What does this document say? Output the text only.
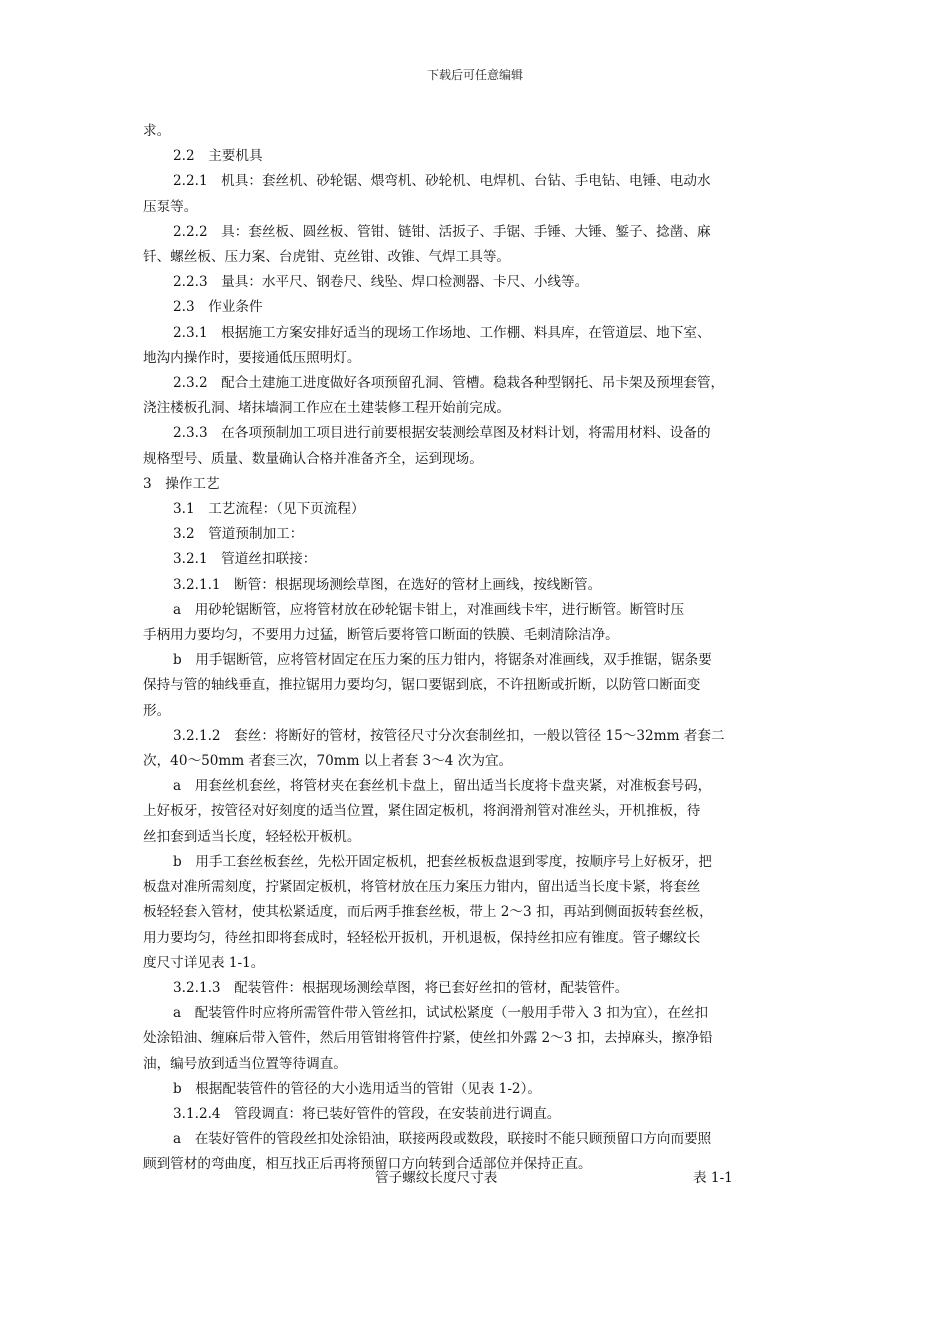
下载后可任意编辑

求。

2.2　主要机具

2.2.1　机具：套丝机、砂轮锯、煨弯机、砂轮机、电焊机、台钻、手电钻、电锤、电动水

压泵等。

2.2.2　具：套丝板、圆丝板、管钳、链钳、活扳子、手锯、手锤、大锤、錾子、捻凿、麻

钎、螺丝板、压力案、台虎钳、克丝钳、改锥、气焊工具等。

2.2.3　量具：水平尺、钢卷尺、线坠、焊口检测器、卡尺、小线等。

2.3　作业条件

2.3.1　根据施工方案安排好适当的现场工作场地、工作棚、料具库，在管道层、地下室、

地沟内操作时，要接通低压照明灯。

2.3.2　配合土建施工进度做好各项预留孔洞、管槽。稳栽各种型钢托、吊卡架及预埋套管，

浇注楼板孔洞、堵抹墙洞工作应在土建装修工程开始前完成。

2.3.3　在各项预制加工项目进行前要根据安装测绘草图及材料计划，将需用材料、设备的

规格型号、质量、数量确认合格并准备齐全，运到现场。

3　操作工艺

3.1　工艺流程：（见下页流程）

3.2　管道预制加工：

3.2.1　管道丝扣联接：

3.2.1.1　断管：根据现场测绘草图，在选好的管材上画线，按线断管。

a　用砂轮锯断管，应将管材放在砂轮锯卡钳上，对准画线卡牢，进行断管。断管时压

手柄用力要均匀，不要用力过猛，断管后要将管口断面的铁膜、毛刺清除洁净。

b　用手锯断管，应将管材固定在压力案的压力钳内，将锯条对准画线，双手推锯，锯条要

保持与管的轴线垂直，推拉锯用力要均匀，锯口要锯到底，不许扭断或折断，以防管口断面变

形。

3.2.1.2　套丝：将断好的管材，按管径尺寸分次套制丝扣，一般以管径 15～32mm 者套二

次，40～50mm 者套三次，70mm 以上者套 3～4 次为宜。

a　用套丝机套丝，将管材夹在套丝机卡盘上，留出适当长度将卡盘夹紧，对准板套号码，

上好板牙，按管径对好刻度的适当位置，紧住固定板机，将润滑剂管对准丝头，开机推板，待

丝扣套到适当长度，轻轻松开板机。

b　用手工套丝板套丝，先松开固定板机，把套丝板板盘退到零度，按顺序号上好板牙，把

板盘对准所需刻度，拧紧固定板机，将管材放在压力案压力钳内，留出适当长度卡紧，将套丝

板轻轻套入管材，使其松紧适度，而后两手推套丝板，带上 2～3 扣，再站到侧面扳转套丝板，

用力要均匀，待丝扣即将套成时，轻轻松开扳机，开机退板，保持丝扣应有锥度。管子螺纹长

度尺寸详见表 1-1。

3.2.1.3　配装管件：根据现场测绘草图，将已套好丝扣的管材，配装管件。

a　配装管件时应将所需管件带入管丝扣，试试松紧度（一般用手带入 3 扣为宜），在丝扣

处涂铅油、缠麻后带入管件，然后用管钳将管件拧紧，使丝扣外露 2～3 扣，去掉麻头，擦净铅

油，编号放到适当位置等待调直。

b　根据配装管件的管径的大小选用适当的管钳（见表 1-2）。

3.1.2.4　管段调直：将已装好管件的管段，在安装前进行调直。

a　在装好管件的管段丝扣处涂铅油，联接两段或数段，联接时不能只顾预留口方向而要照

顾到管材的弯曲度，相互找正后再将预留口方向转到合适部位并保持正直。

管子螺纹长度尺寸表	表 1-1
